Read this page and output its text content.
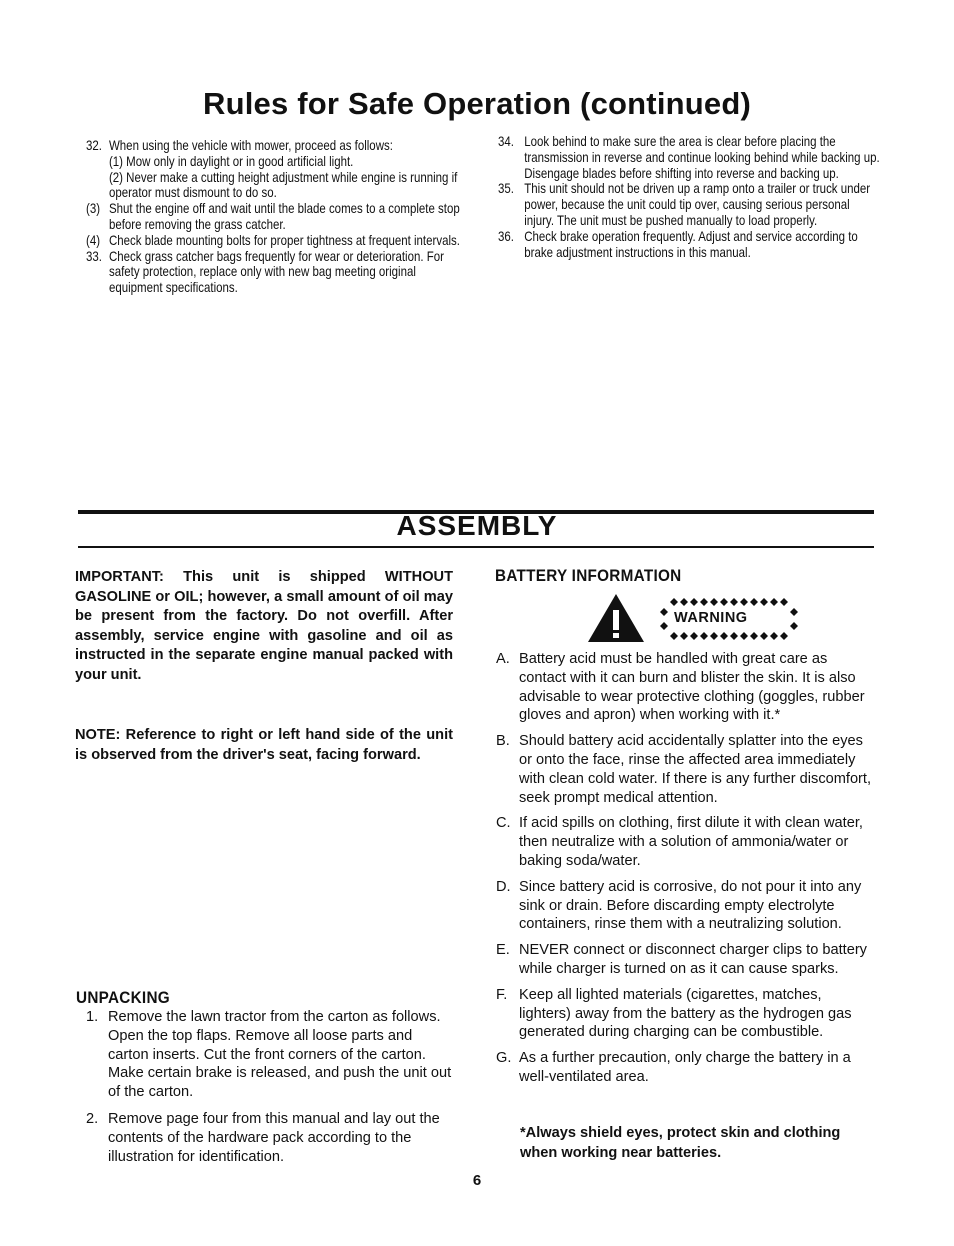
Rules for Safe Operation (continued)
32. When using the vehicle with mower, proceed as follows:
(1) Mow only in daylight or in good artificial light.
(2) Never make a cutting height adjustment while engine is running if operator must dismount to do so.
(3) Shut the engine off and wait until the blade comes to a complete stop before removing the grass catcher.
(4) Check blade mounting bolts for proper tightness at frequent intervals.
33. Check grass catcher bags frequently for wear or deterioration. For safety protection, replace only with new bag meeting original equipment specifications.
34. Look behind to make sure the area is clear before placing the transmission in reverse and continue looking behind while backing up. Disengage blades before shifting into reverse and backing up.
35. This unit should not be driven up a ramp onto a trailer or truck under power, because the unit could tip over, causing serious personal injury. The unit must be pushed manually to load properly.
36. Check brake operation frequently. Adjust and service according to brake adjustment instructions in this manual.
ASSEMBLY
IMPORTANT: This unit is shipped WITHOUT GASOLINE or OIL; however, a small amount of oil may be present from the factory. Do not overfill. After assembly, service engine with gasoline and oil as instructed in the separate engine manual packed with your unit.
NOTE: Reference to right or left hand side of the unit is observed from the driver's seat, facing forward.
UNPACKING
1. Remove the lawn tractor from the carton as follows. Open the top flaps. Remove all loose parts and carton inserts. Cut the front corners of the carton. Make certain brake is released, and push the unit out of the carton.
2. Remove page four from this manual and lay out the contents of the hardware pack according to the illustration for identification.
BATTERY INFORMATION
WARNING
A. Battery acid must be handled with great care as contact with it can burn and blister the skin. It is also advisable to wear protective clothing (goggles, rubber gloves and apron) when working with it.*
B. Should battery acid accidentally splatter into the eyes or onto the face, rinse the affected area immediately with clean cold water. If there is any further discomfort, seek prompt medical attention.
C. If acid spills on clothing, first dilute it with clean water, then neutralize with a solution of ammonia/water or baking soda/water.
D. Since battery acid is corrosive, do not pour it into any sink or drain. Before discarding empty electrolyte containers, rinse them with a neutralizing solution.
E. NEVER connect or disconnect charger clips to battery while charger is turned on as it can cause sparks.
F. Keep all lighted materials (cigarettes, matches, lighters) away from the battery as the hydrogen gas generated during charging can be combustible.
G. As a further precaution, only charge the battery in a well-ventilated area.
*Always shield eyes, protect skin and clothing when working near batteries.
6
